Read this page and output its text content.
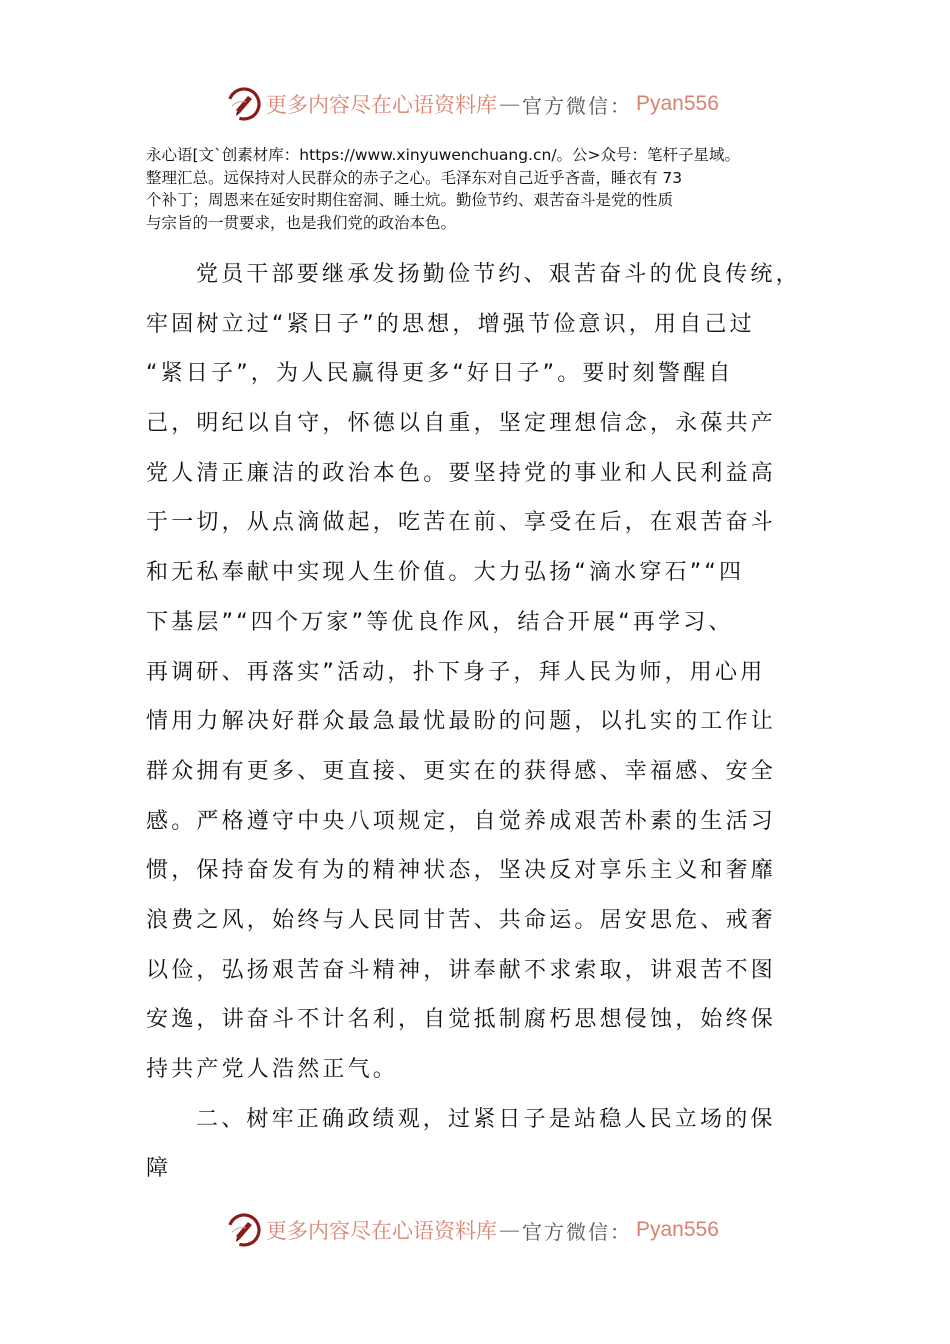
更多内容尽在心语资料库 — 官方微信： Pyan556

永心语[文`创素材库：https://www.xinyuwenchuang.cn/。公>众号：笔杆子星域。

整理汇总。远保持对人民群众的赤子之心。毛泽东对自己近乎吝啬，睡衣有 73

个补丁；周恩来在延安时期住窑洞、睡土炕。勤俭节约、艰苦奋斗是党的性质

与宗旨的一贯要求，也是我们党的政治本色。

党员干部要继承发扬勤俭节约、艰苦奋斗的优良传统，
牢固树立过“紧日子”的思想，增强节俭意识，用自己过
“紧日子”，为人民赢得更多“好日子”。要时刻警醒自
己，明纪以自守，怀德以自重，坚定理想信念，永葆共产
党人清正廉洁的政治本色。要坚持党的事业和人民利益高
于一切，从点滴做起，吃苦在前、享受在后，在艰苦奋斗
和无私奉献中实现人生价值。大力弘扬“滴水穿石”“四
下基层”“四个万家”等优良作风，结合开展“再学习、
再调研、再落实”活动，扑下身子，拜人民为师，用心用
情用力解决好群众最急最忧最盼的问题，以扎实的工作让
群众拥有更多、更直接、更实在的获得感、幸福感、安全
感。严格遵守中央八项规定，自觉养成艰苦朴素的生活习
惯，保持奋发有为的精神状态，坚决反对享乐主义和奢靡
浪费之风，始终与人民同甘苦、共命运。居安思危、戒奢
以俭，弘扬艰苦奋斗精神，讲奉献不求索取，讲艰苦不图
安逸，讲奋斗不计名利，自觉抵制腐朽思想侵蚀，始终保
持共产党人浩然正气。
二、树牢正确政绩观，过紧日子是站稳人民立场的保
障
更多内容尽在心语资料库 — 官方微信： Pyan556
